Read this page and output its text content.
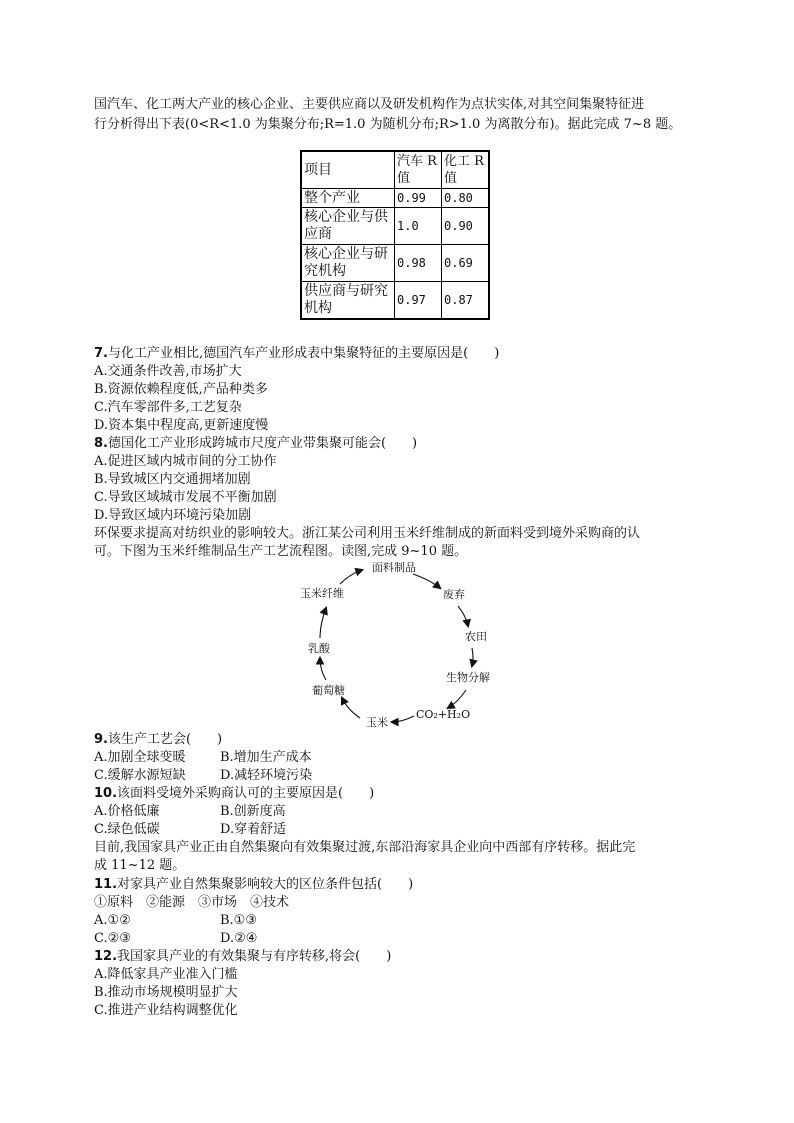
国汽车、化工两大产业的核心企业、主要供应商以及研发机构作为点状实体,对其空间集聚特征进
行分析得出下表(0<R<1.0 为集聚分布;R=1.0 为随机分布;R>1.0 为离散分布)。据此完成 7~8 题。
项目	汽车 R 值	化工 R 值
整个产业	0.99	0.80
核心企业与供应商	1.0	0.90
核心企业与研究机构	0.98	0.69
供应商与研究机构	0.97	0.87
7.与化工产业相比,德国汽车产业形成表中集聚特征的主要原因是(　　)
A.交通条件改善,市场扩大
B.资源依赖程度低,产品种类多
C.汽车零部件多,工艺复杂
D.资本集中程度高,更新速度慢
8.德国化工产业形成跨城市尺度产业带集聚可能会(　　)
A.促进区域内城市间的分工协作
B.导致城区内交通拥堵加剧
C.导致区域城市发展不平衡加剧
D.导致区域内环境污染加剧
环保要求提高对纺织业的影响较大。浙江某公司利用玉米纤维制成的新面料受到境外采购商的认
可。下图为玉米纤维制品生产工艺流程图。读图,完成 9~10 题。
面料制品
废弃
农田
生物分解
CO₂+H₂O
玉米
葡萄糖
乳酸
玉米纤维
9.该生产工艺会(　　)
A.加剧全球变暖	B.增加生产成本
C.缓解水源短缺	D.减轻环境污染
10.该面料受境外采购商认可的主要原因是(　　)
A.价格低廉	B.创新度高
C.绿色低碳	D.穿着舒适
目前,我国家具产业正由自然集聚向有效集聚过渡,东部沿海家具企业向中西部有序转移。据此完
成 11~12 题。
11.对家具产业自然集聚影响较大的区位条件包括(　　)
①原料　②能源　③市场　④技术
A.①②	B.①③
C.②③	D.②④
12.我国家具产业的有效集聚与有序转移,将会(　　)
A.降低家具产业准入门槛
B.推动市场规模明显扩大
C.推进产业结构调整优化
